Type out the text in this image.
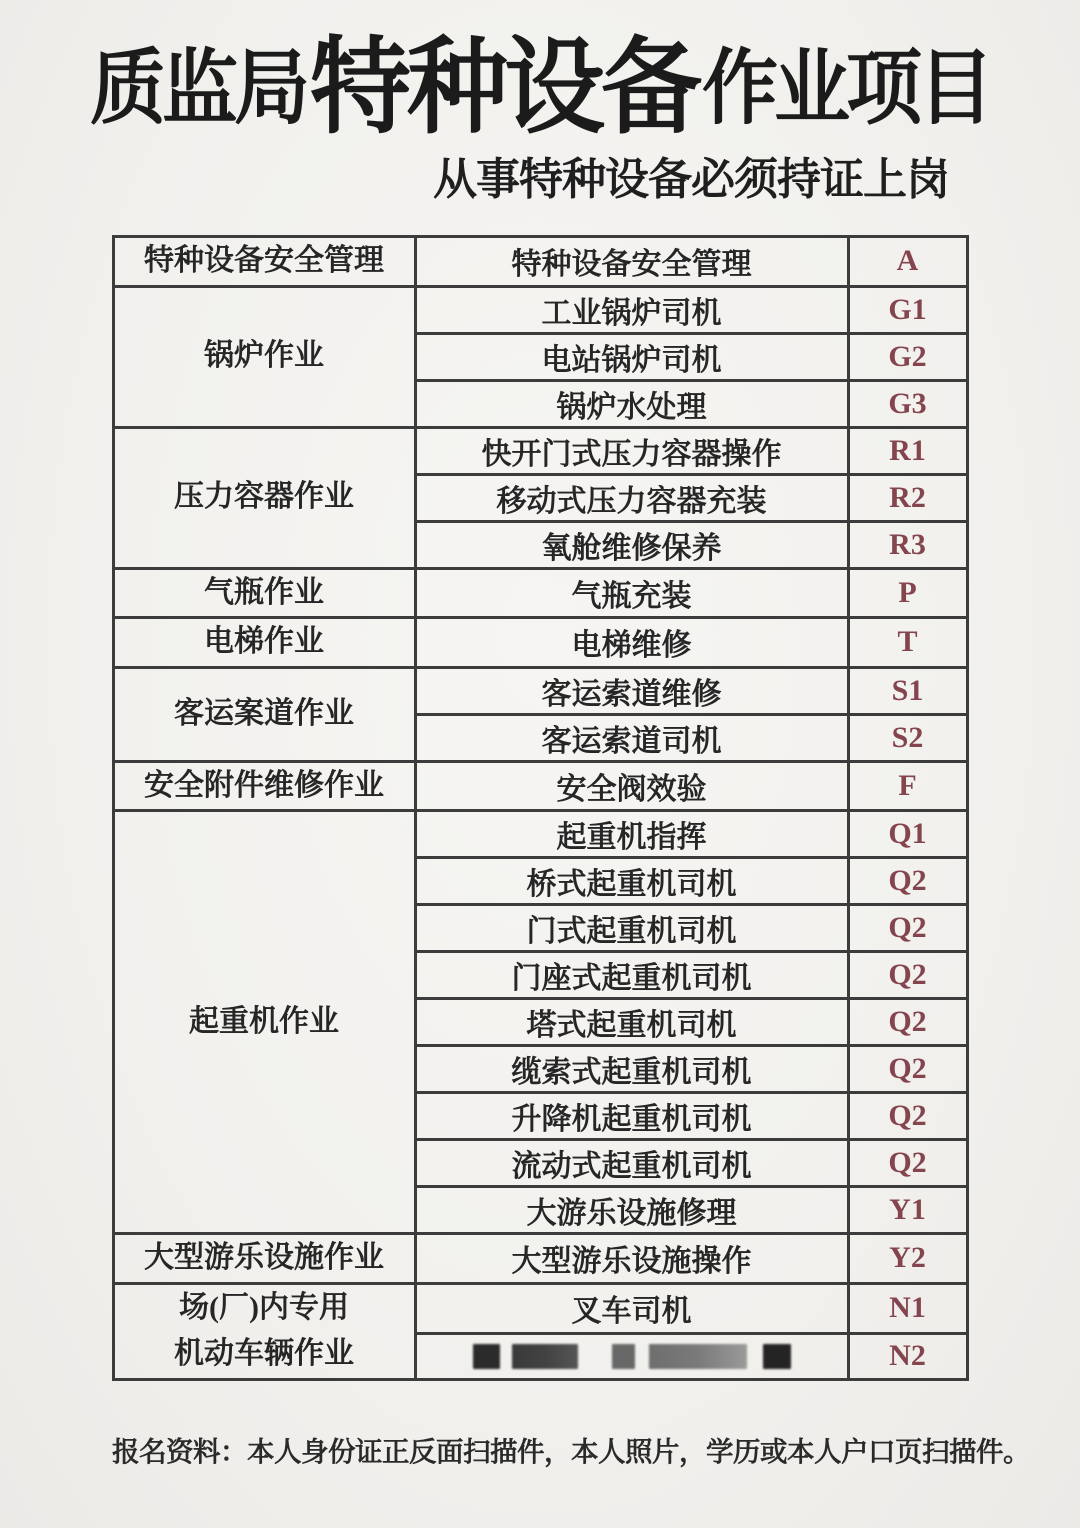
质监局 特种设备 作业项目
从事特种设备必须持证上岗
特种设备安全管理	特种设备安全管理	A

锅炉作业	工业锅炉司机	G1
	电站锅炉司机	G2
	锅炉水处理	G3

压力容器作业	快开门式压力容器操作	R1
	移动式压力容器充装	R2
	氧舱维修保养	R3

气瓶作业	气瓶充装	P

电梯作业	电梯维修	T

客运案道作业	客运索道维修	S1
	客运索道司机	S2

安全附件维修作业	安全阀效验	F

起重机作业	起重机指挥	Q1
	桥式起重机司机	Q2
	门式起重机司机	Q2
	门座式起重机司机	Q2
	塔式起重机司机	Q2
	缆索式起重机司机	Q2
	升降机起重机司机	Q2
	流动式起重机司机	Q2
	大游乐设施修理	Y1

大型游乐设施作业	大型游乐设施操作	Y2

场(厂)内专用
机动车辆作业	叉车司机	N1

		N2
报名资料：本人身份证正反面扫描件，本人照片，学历或本人户口页扫描件。
